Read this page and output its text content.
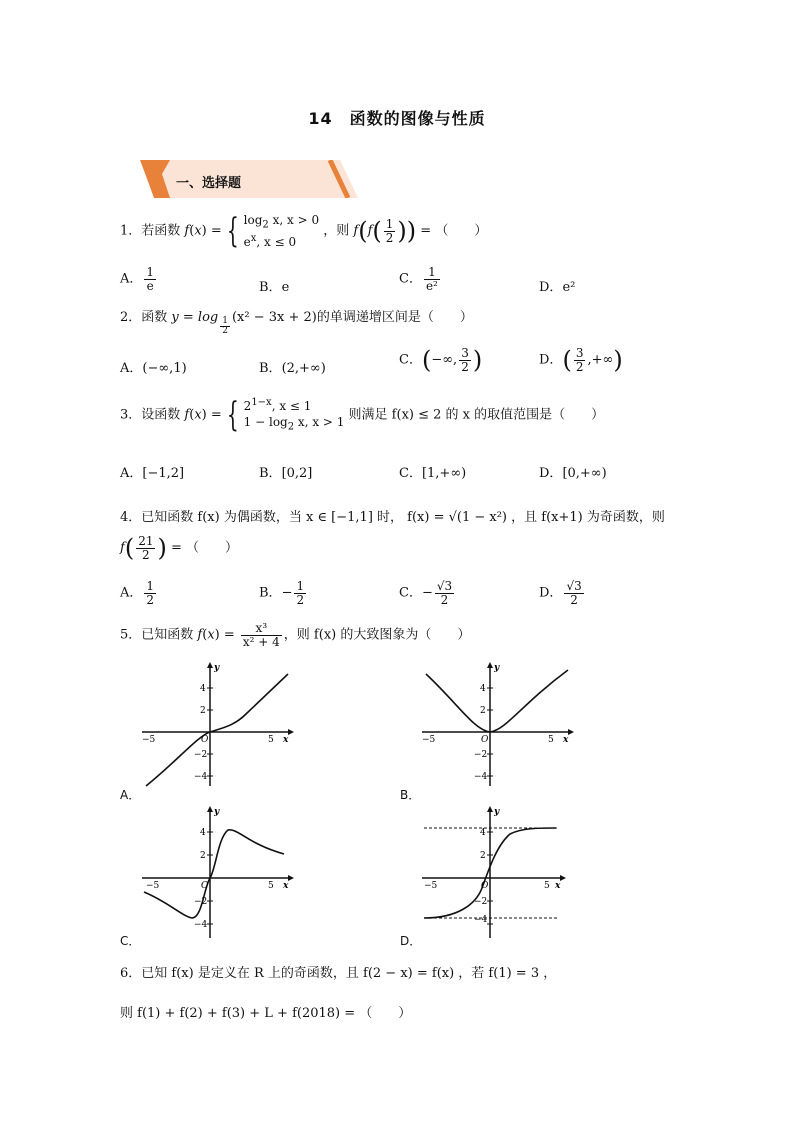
14　函数的图像与性质
一、选择题
1．若函数 f(x) = { $\log_2 x$, x > 0
$e^x$, x ≤ 0
，则 $f(f( \frac{1}{2}$ )) = （　　）
A． $\frac{1}{e}$	B．e
C． $\frac{1}{\text{e²}}$	D．e²
2．函数 $y = \log \frac{1}{2} (x^2 - 3x + 2)$的单调递增区间是（　　）
A．(−∞,1)	B．(2,+∞)
C．(−∞, $\frac{3}{2}$ )	D．( $\frac{3}{2}$ ,+∞)
3．设函数 f(x) = { $2^{1-x}$, x ≤ 1
$1 - \log_2 x$, x > 1 则满足 f(x) ≤ 2 的 x 的取值范围是（　　）
A．[−1,2]	B．[0,2]	C．[1,+∞)	D．[0,+∞)
4．已知函数 f(x) 为偶函数，当 x ∈ [−1,1] 时， f(x) = √(1 − x²) ，且 f(x+1) 为奇函数，则
$f( \frac{21}{2}$ ) = （　　）
A． $\frac{1}{2}$	B．− $\frac{1}{2}$	C．− $\frac{√3}{2}$	D． $\frac{√3}{2}$
5．已知函数 $f(x) = \frac{\text{x³}}{\text{x² + 4}}$ ，则 f(x) 的大致图象为（　　）
y
x
4
2
−2
−4
−5	5
O
A．
y
x
4
2
−2
−4
−5	5
O
B．
y
x
4
2
−2
−4
−5	5
O
C．
y
x
4
2
−2
−4
−5	5
O
D．
6．已知 f(x) 是定义在 R 上的奇函数，且 f(2 − x) = f(x) ，若 f(1) = 3 ，
则 f(1) + f(2) + f(3) + L + f(2018) = （　　）
